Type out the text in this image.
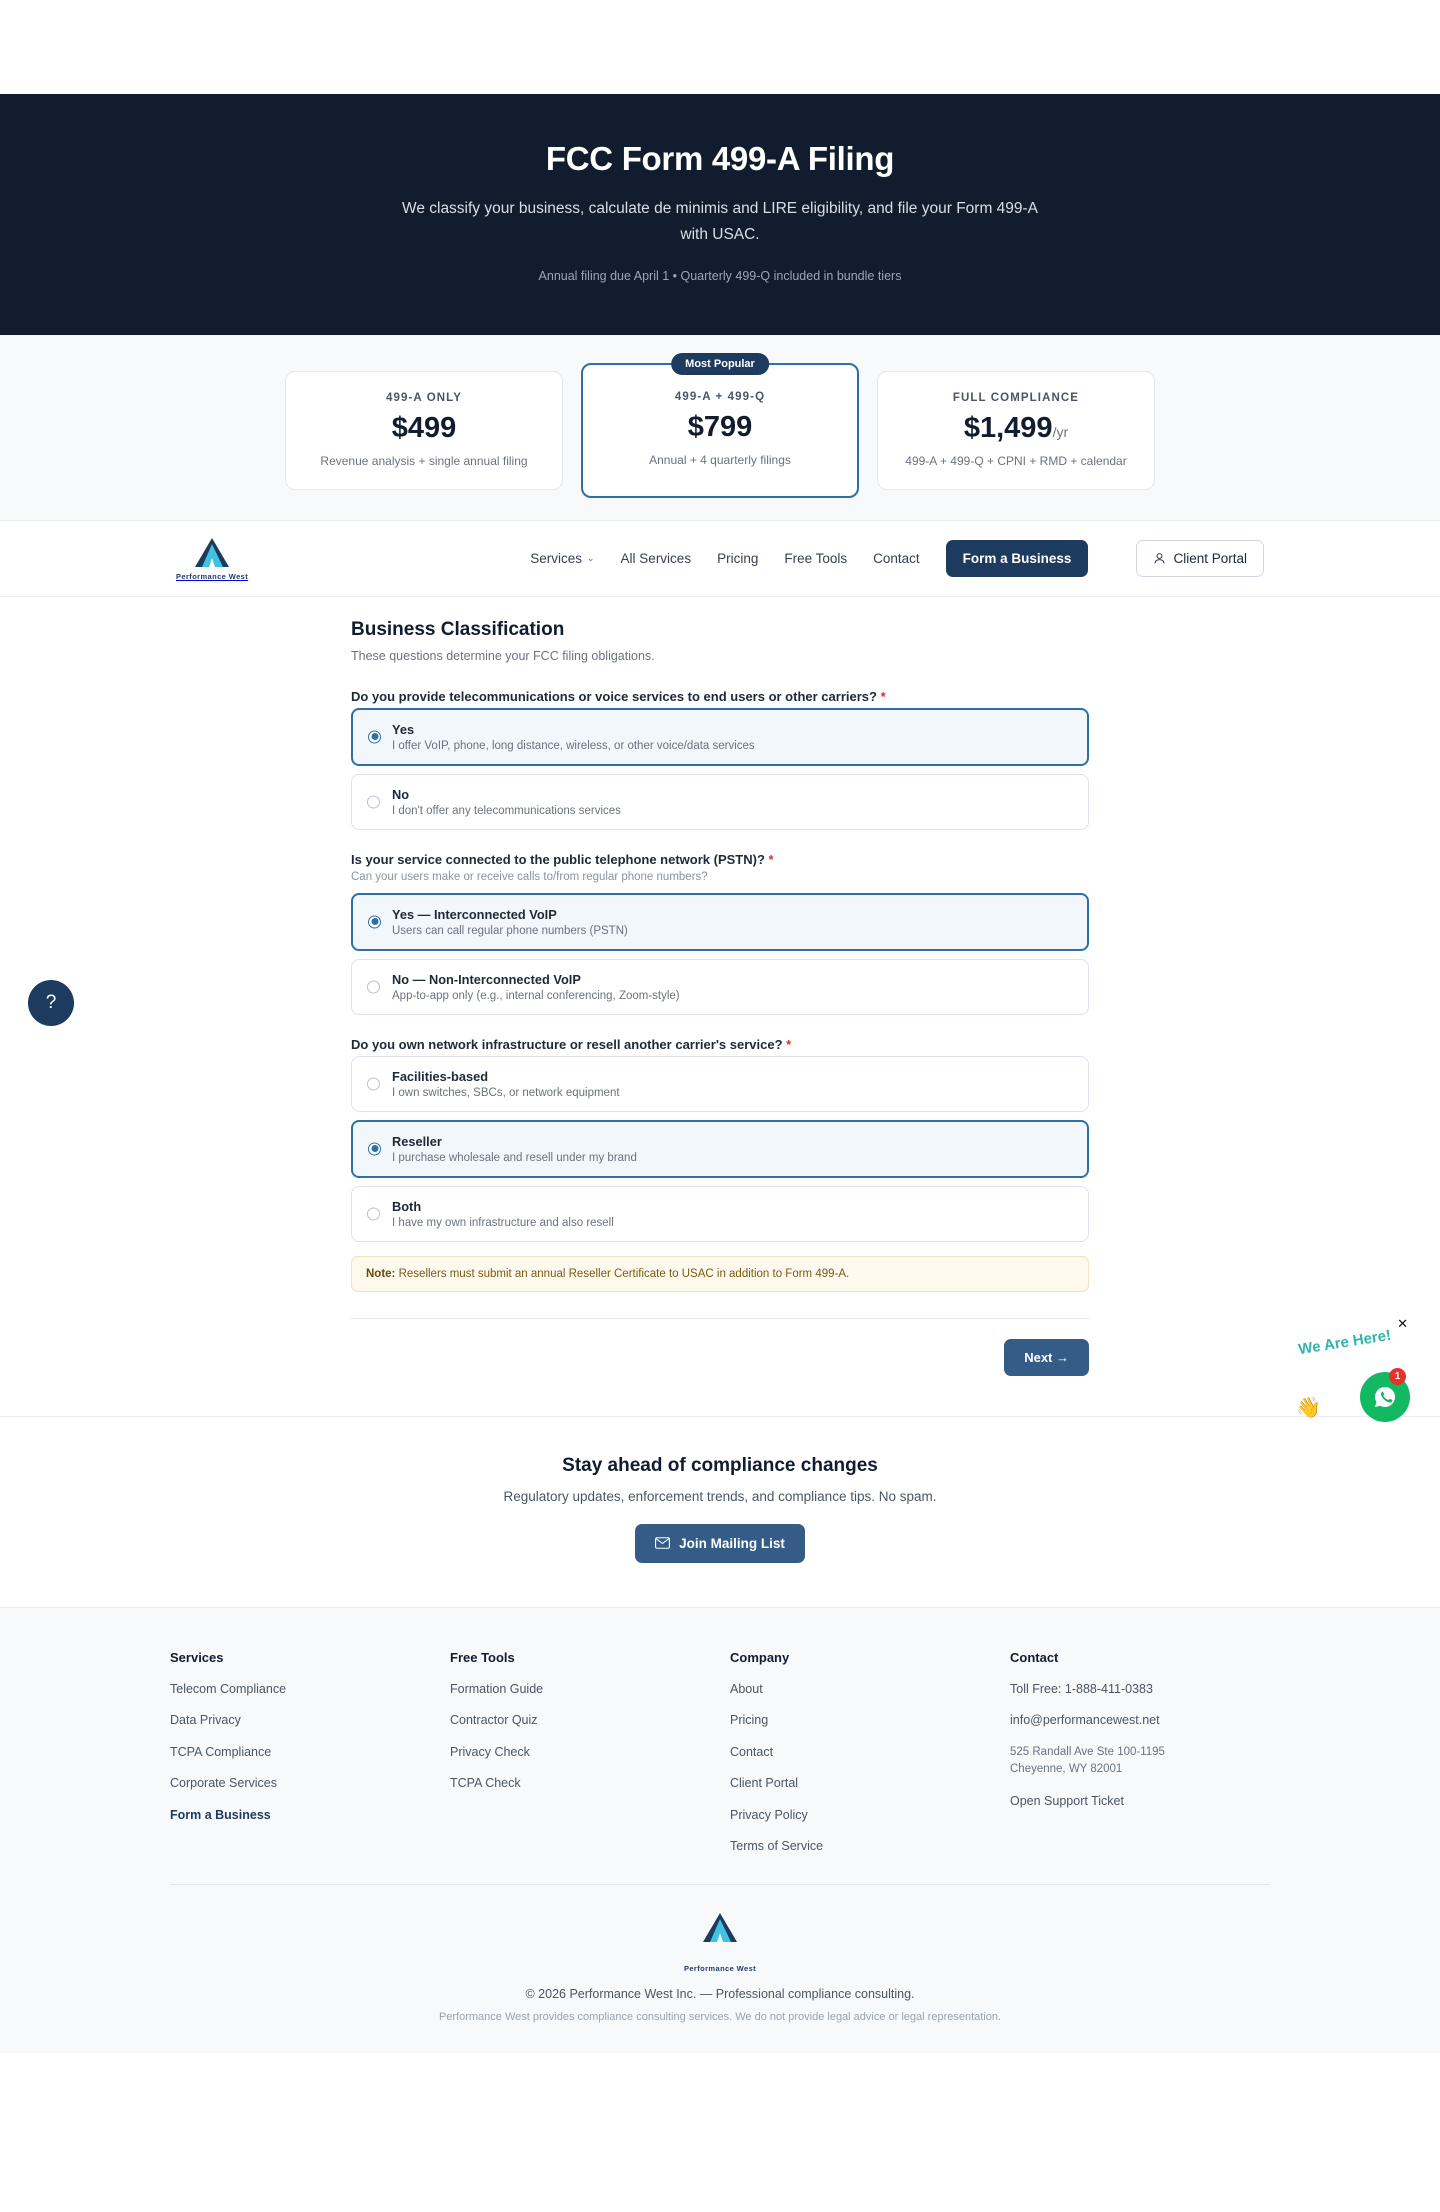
FCC Form 499-A Filing
We classify your business, calculate de minimis and LIRE eligibility, and file your Form 499-A with USAC.
Annual filing due April 1 • Quarterly 499-Q included in bundle tiers
499-A ONLY
$499
Revenue analysis + single annual filing
Most Popular
499-A + 499-Q
$799
Annual + 4 quarterly filings
FULL COMPLIANCE
$1,499/yr
499-A + 499-Q + CPNI + RMD + calendar
Performance West
Services ⌄ All Services Pricing Free Tools Contact	Form a Business	Client Portal
Business Classification
These questions determine your FCC filing obligations.
Do you provide telecommunications or voice services to end users or other carriers? *
Yes
I offer VoIP, phone, long distance, wireless, or other voice/data services
No
I don't offer any telecommunications services
Is your service connected to the public telephone network (PSTN)? *
Can your users make or receive calls to/from regular phone numbers?
Yes — Interconnected VoIP
Users can call regular phone numbers (PSTN)
No — Non-Interconnected VoIP
App-to-app only (e.g., internal conferencing, Zoom-style)
Do you own network infrastructure or resell another carrier's service? *
Facilities-based
I own switches, SBCs, or network equipment
Reseller
I purchase wholesale and resell under my brand
Both
I have my own infrastructure and also resell
Note: Resellers must submit an annual Reseller Certificate to USAC in addition to Form 499-A.
Next →
Stay ahead of compliance changes

Regulatory updates, enforcement trends, and compliance tips. No spam.

Join Mailing List
Services
Telecom Compliance
Data Privacy
TCPA Compliance
Corporate Services
Form a Business
Free Tools
Formation Guide
Contractor Quiz
Privacy Check
TCPA Check
Company
About
Pricing
Contact
Client Portal
Privacy Policy
Terms of Service
Contact
Toll Free: 1-888-411-0383
info@performancewest.net
525 Randall Ave Ste 100-1195
Cheyenne, WY 82001
Open Support Ticket
Performance West
© 2026 Performance West Inc. — Professional compliance consulting.
Performance West provides compliance consulting services. We do not provide legal advice or legal representation.
?
✕
We Are Here!
👋
1
